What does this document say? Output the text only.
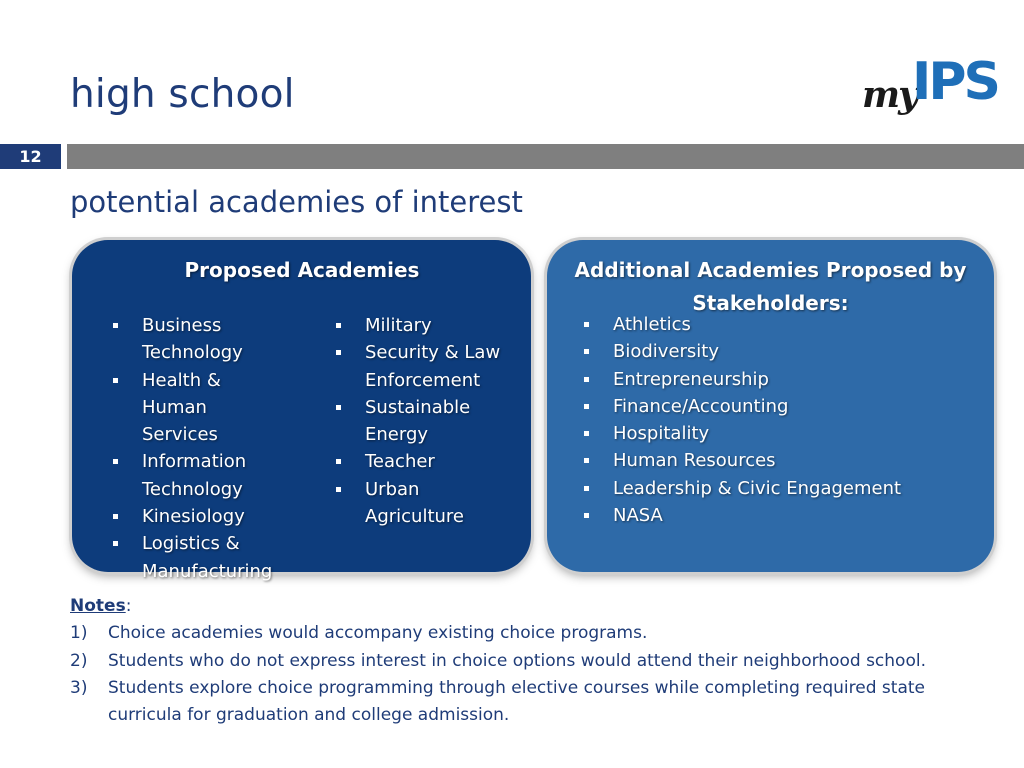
high school	my
IPS
12
potential academies of interest
Proposed Academies
Business Technology
Health & Human Services
Information Technology
Kinesiology
Logistics & Manufacturing
Military
Security & Law Enforcement
Sustainable Energy
Teacher
Urban Agriculture
Additional Academies Proposed by Stakeholders:
Athletics
Biodiversity
Entrepreneurship
Finance/Accounting
Hospitality
Human Resources
Leadership & Civic Engagement
NASA
Notes:
1) Choice academies would accompany existing choice programs.
2) Students who do not express interest in choice options would attend their neighborhood school.
3) Students explore choice programming through elective courses while completing required state curricula for graduation and college admission.
